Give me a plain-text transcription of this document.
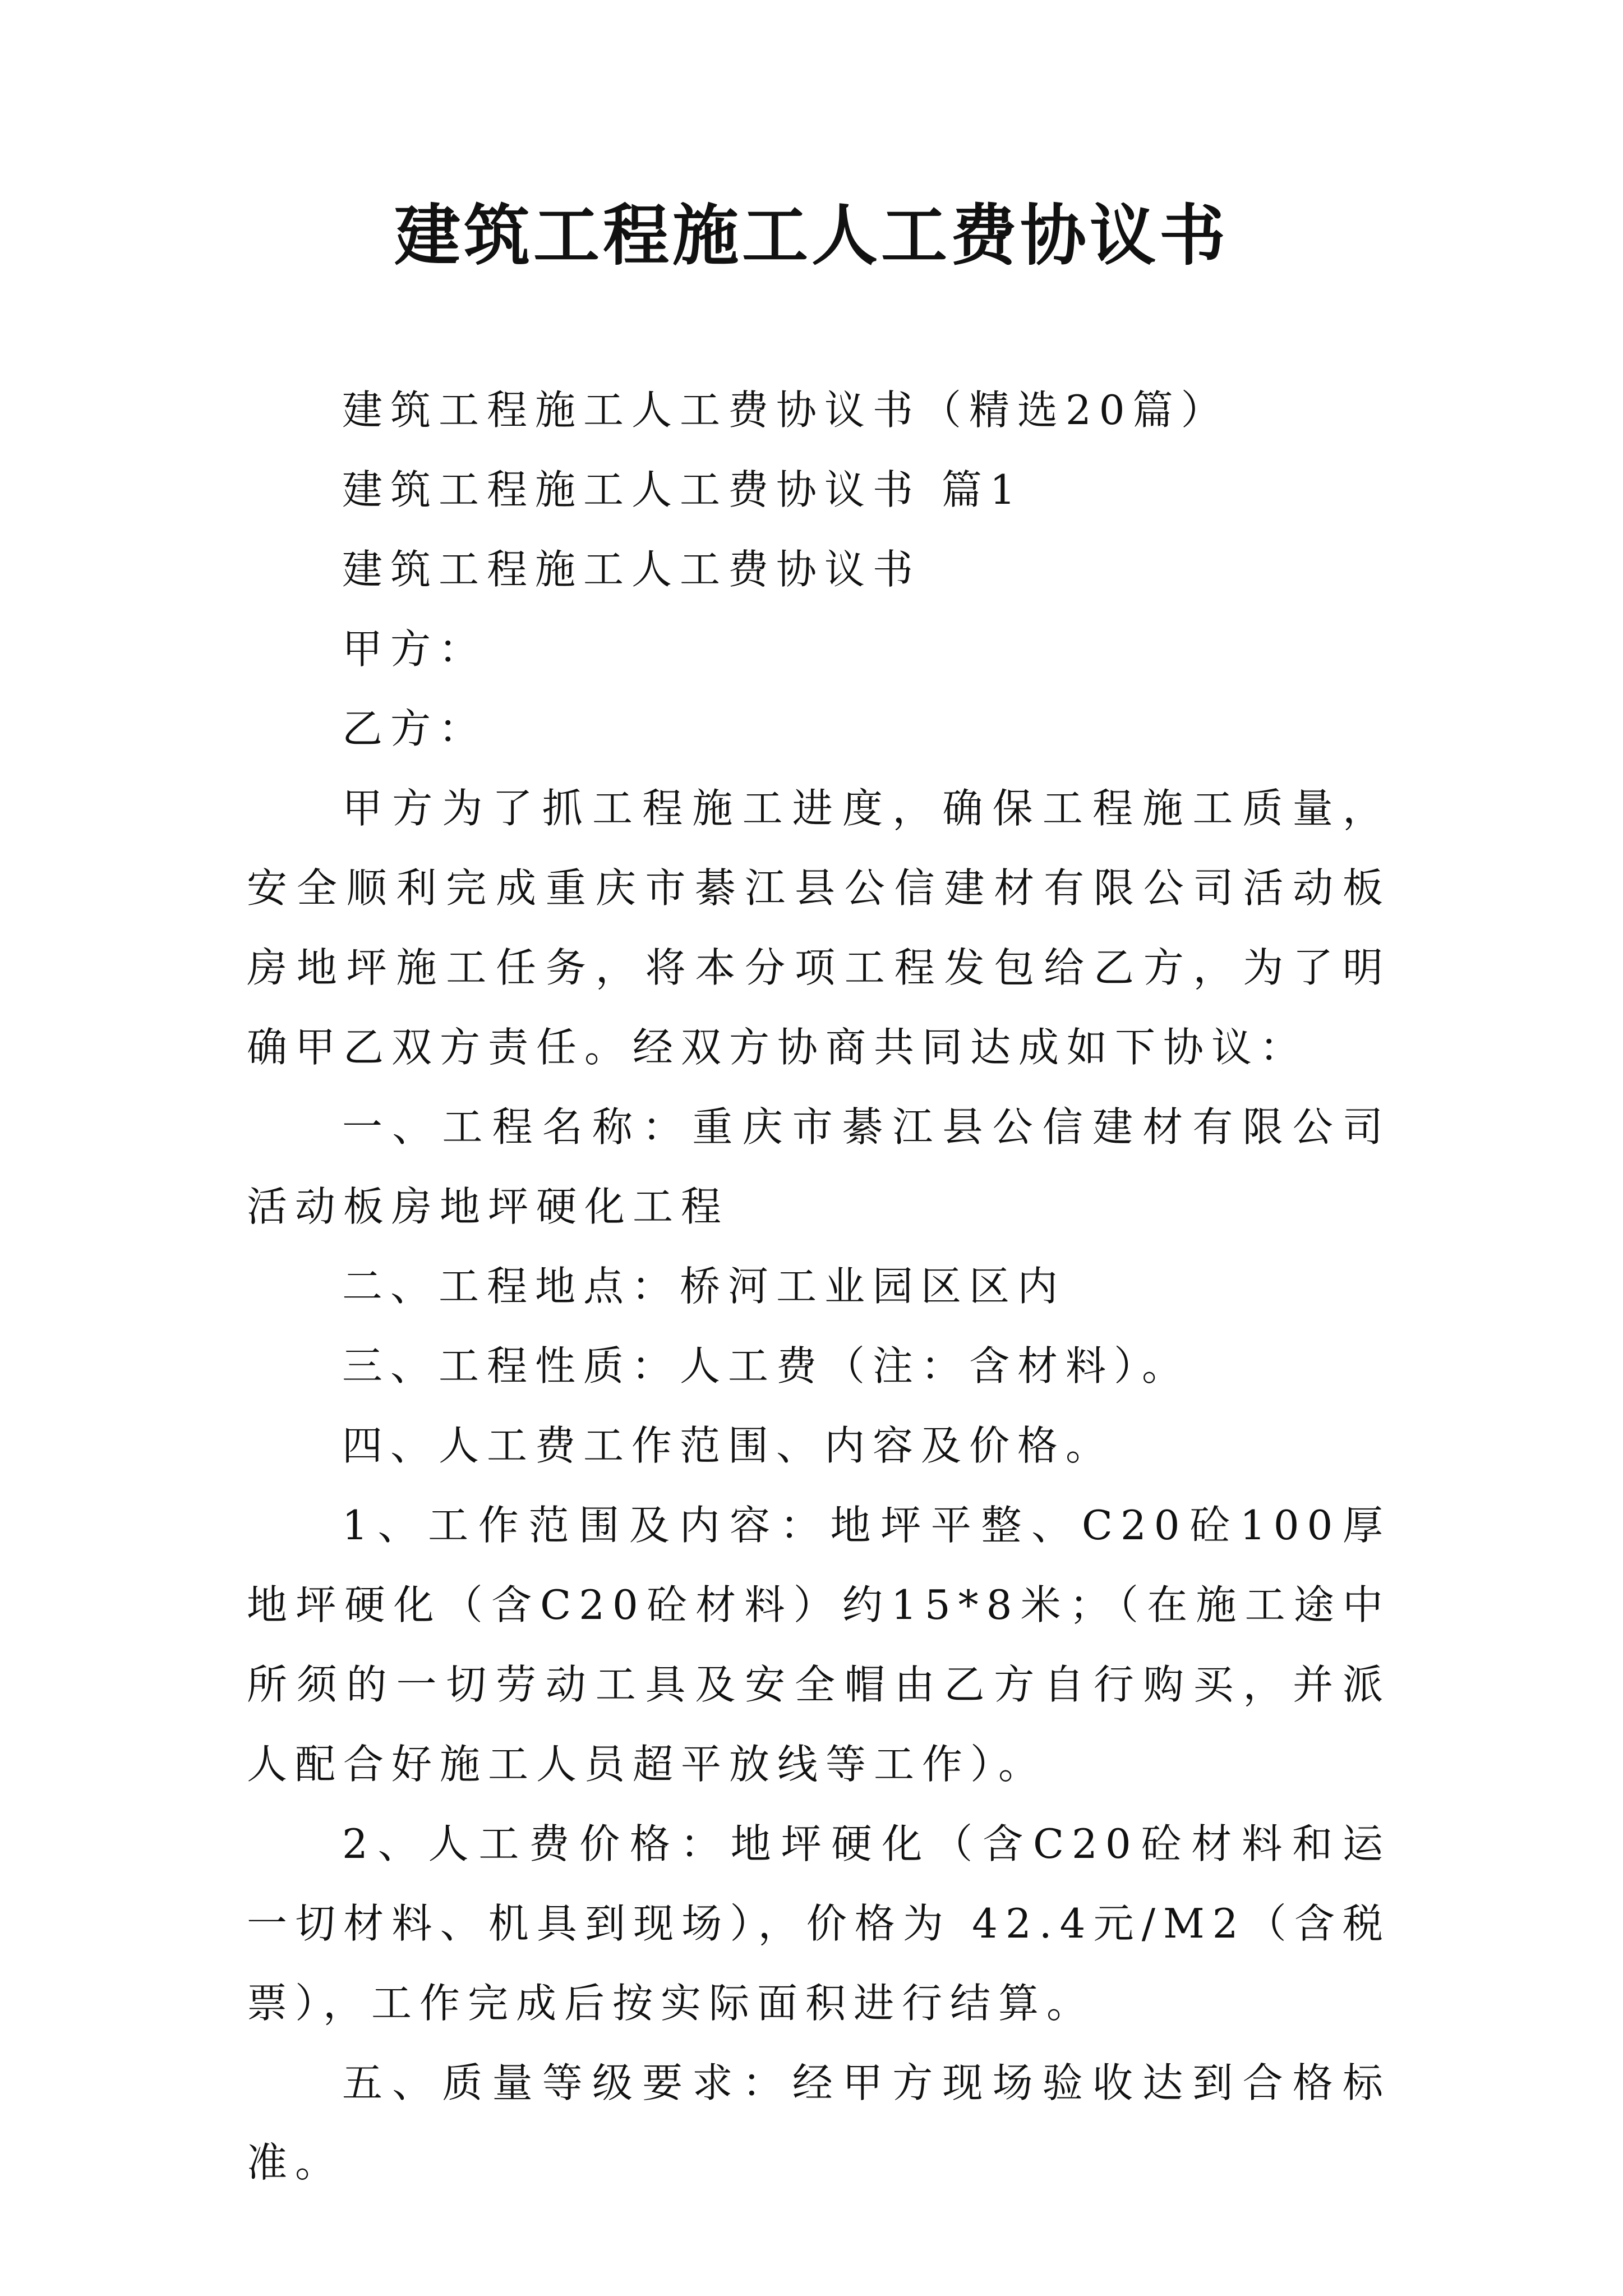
建筑工程施工人工费协议书

建筑工程施工人工费协议书（精选20篇）

建筑工程施工人工费协议书 篇1

建筑工程施工人工费协议书

甲方：

乙方：

甲方为了抓工程施工进度，确保工程施工质量，安全顺利完成重庆市綦江县公信建材有限公司活动板房地坪施工任务，将本分项工程发包给乙方，为了明确甲乙双方责任。经双方协商共同达成如下协议：

一、工程名称：重庆市綦江县公信建材有限公司活动板房地坪硬化工程

二、工程地点：桥河工业园区区内

三、工程性质：人工费（注：含材料）。

四、人工费工作范围、内容及价格。

1、工作范围及内容：地坪平整、C20砼100厚地坪硬化（含C20砼材料）约15*8米；（在施工途中所须的一切劳动工具及安全帽由乙方自行购买，并派人配合好施工人员超平放线等工作）。

2、人工费价格：地坪硬化（含C20砼材料和运一切材料、机具到现场），价格为 42.4元/M2（含税票），工作完成后按实际面积进行结算。

五、质量等级要求：经甲方现场验收达到合格标准。
